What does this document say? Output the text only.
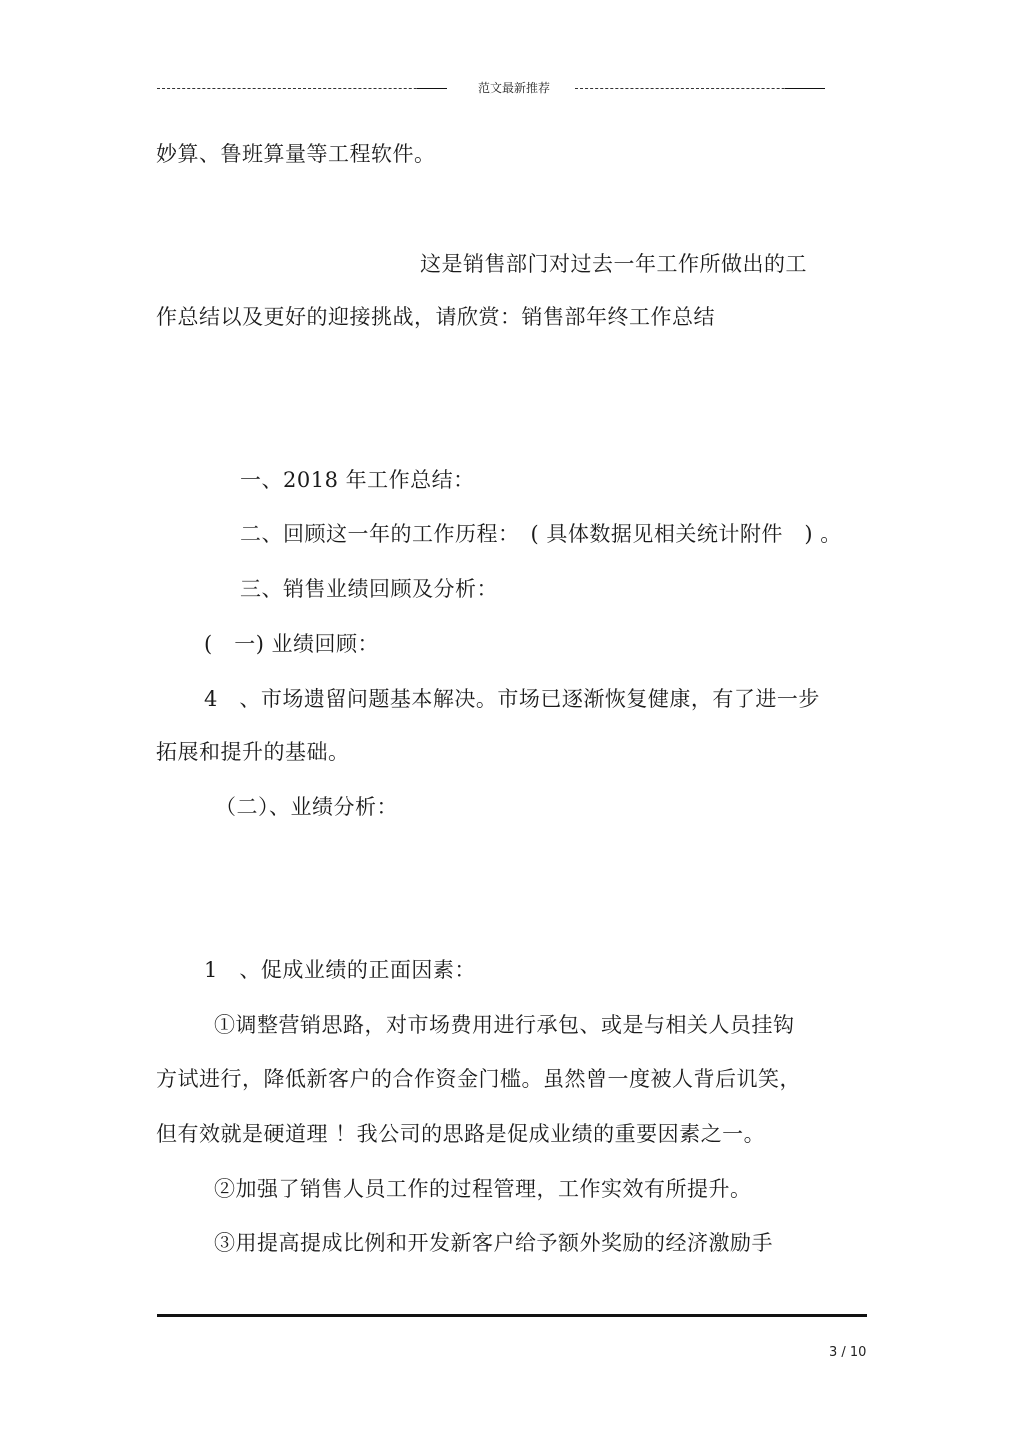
范文最新推荐
妙算、鲁班算量等工程软件。
这是销售部门对过去一年工作所做出的工
作总结以及更好的迎接挑战，请欣赏：销售部年终工作总结
一、2018 年工作总结：
二、回顾这一年的工作历程：　( 具体数据见相关统计附件　) 。
三、销售业绩回顾及分析：
(　一) 业绩回顾：
4　、市场遗留问题基本解决。市场已逐渐恢复健康，有了进一步
拓展和提升的基础。
（二）、业绩分析：
1　、促成业绩的正面因素：
①调整营销思路，对市场费用进行承包、或是与相关人员挂钩
方试进行，降低新客户的合作资金门槛。虽然曾一度被人背后讥笑，
但有效就是硬道理 ！我公司的思路是促成业绩的重要因素之一。
②加强了销售人员工作的过程管理，工作实效有所提升。
③用提高提成比例和开发新客户给予额外奖励的经济激励手
3 / 10
